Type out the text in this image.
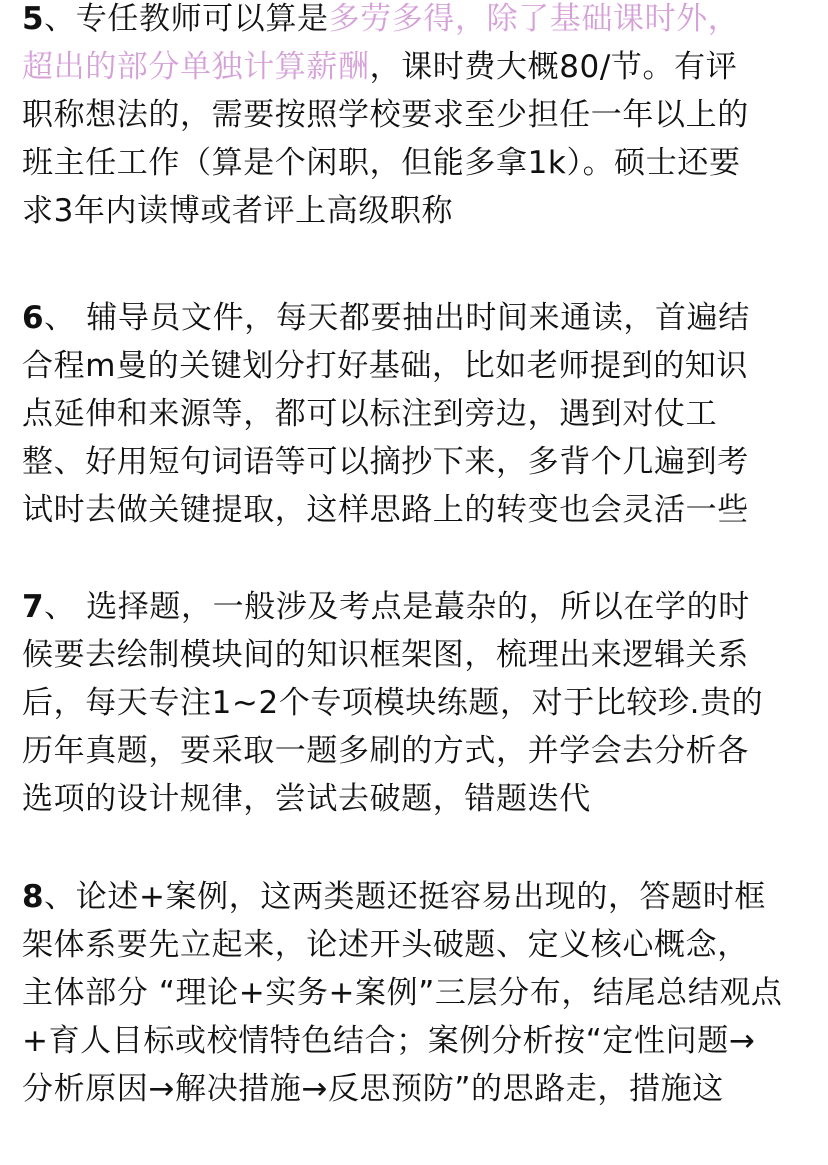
5、专任教师可以算是多劳多得，除了基础课时外，
超出的部分单独计算薪酬，课时费大概80/节。有评
职称想法的，需要按照学校要求至少担任一年以上的
班主任工作（算是个闲职，但能多拿1k）。硕士还要
求3年内读博或者评上高级职称

6、 辅导员文件，每天都要抽出时间来通读，首遍结
合程m曼的关键划分打好基础，比如老师提到的知识
点延伸和来源等，都可以标注到旁边，遇到对仗工
整、好用短句词语等可以摘抄下来，多背个几遍到考
试时去做关键提取，这样思路上的转变也会灵活一些

7、 选择题，一般涉及考点是蕞杂的，所以在学的时
候要去绘制模块间的知识框架图，梳理出来逻辑关系
后，每天专注1~2个专项模块练题，对于比较珍.贵的
历年真题，要采取一题多刷的方式，并学会去分析各
选项的设计规律，尝试去破题，错题迭代

8、论述+案例，这两类题还挺容易出现的，答题时框
架体系要先立起来，论述开头破题、定义核心概念，
主体部分 “理论+实务+案例”三层分布，结尾总结观点
+育人目标或校情特色结合；案例分析按“定性问题→
分析原因→解决措施→反思预防”的思路走，措施这
